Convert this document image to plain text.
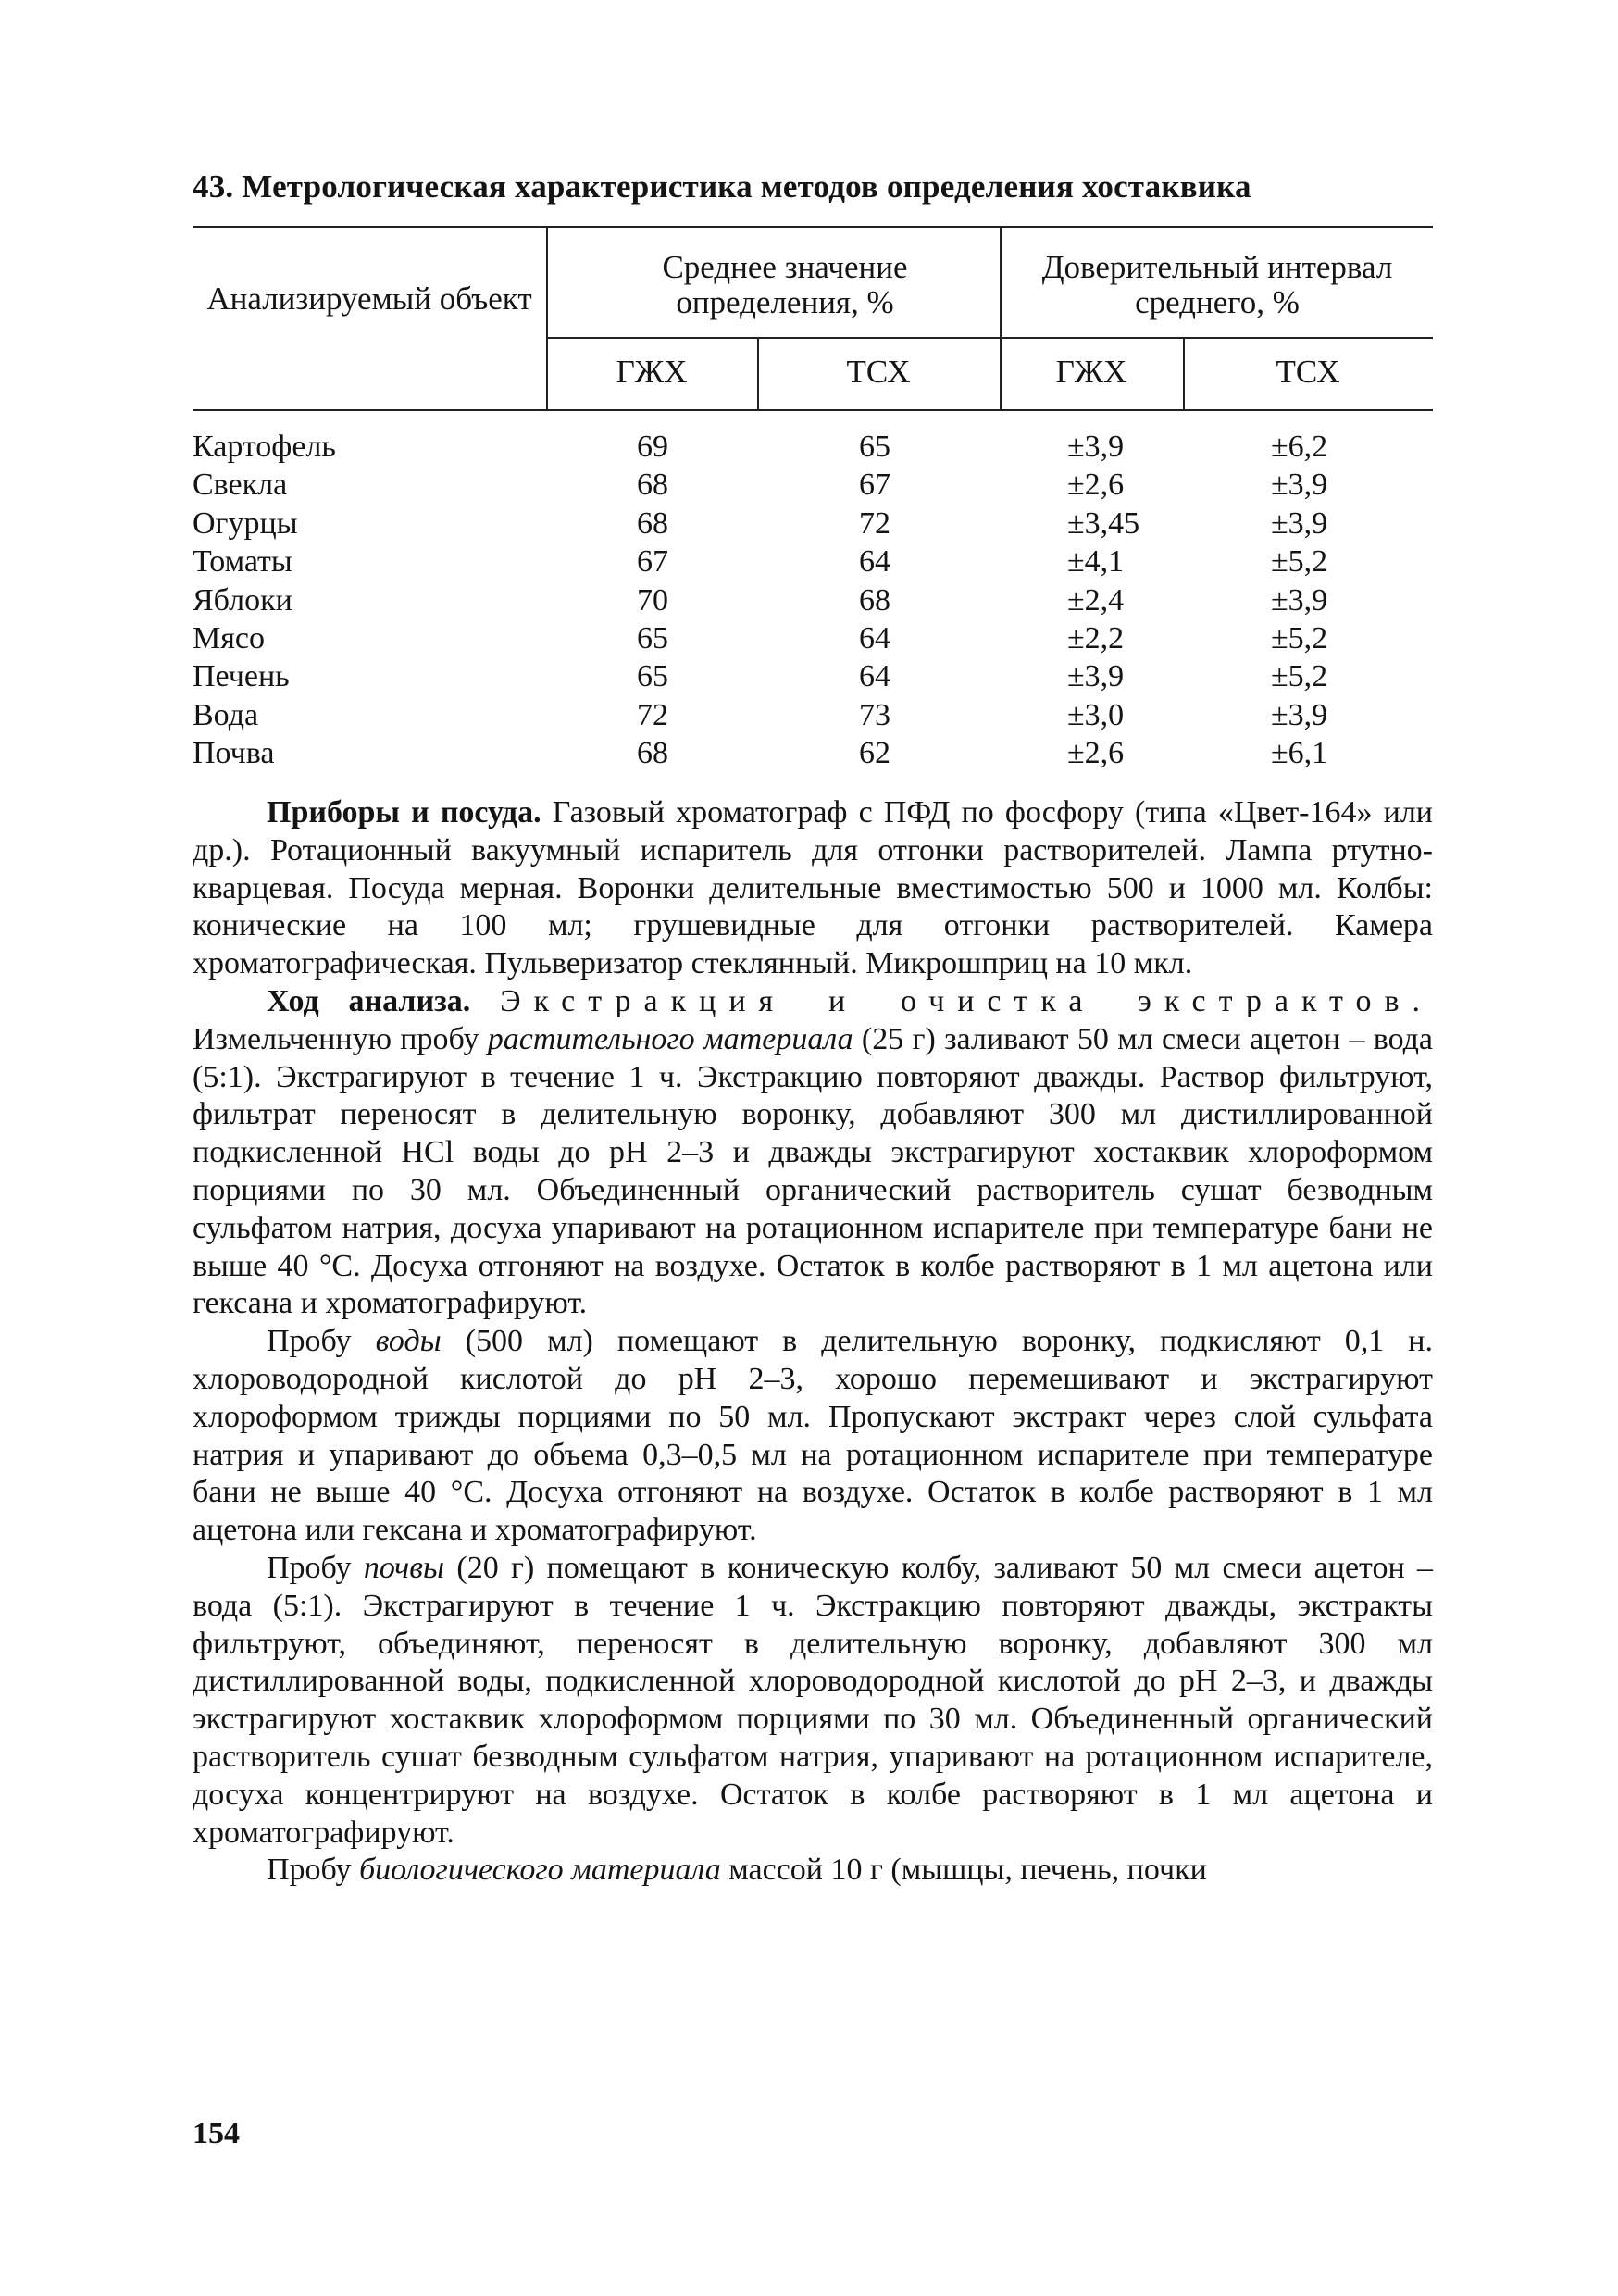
43. Метрологическая характеристика методов определения хостаквика
Анализируемый объект
Среднее значение определения, %
Доверительный интервал среднего, %
ГЖХ	ТСХ	ГЖХ	ТСХ
Картофель	69	65	±3,9	±6,2
Свекла	68	67	±2,6	±3,9
Огурцы	68	72	±3,45	±3,9
Томаты	67	64	±4,1	±5,2
Яблоки	70	68	±2,4	±3,9
Мясо	65	64	±2,2	±5,2
Печень	65	64	±3,9	±5,2
Вода	72	73	±3,0	±3,9
Почва	68	62	±2,6	±6,1

Приборы и посуда. Газовый хроматограф с ПФД по фосфору (типа «Цвет-164» или др.). Ротационный вакуумный испаритель для отгонки растворителей. Лампа ртутно-кварцевая. Посуда мерная. Воронки делительные вместимостью 500 и 1000 мл. Колбы: конические на 100 мл; грушевидные для отгонки растворителей. Камера хроматографическая. Пульверизатор стеклянный. Микрошприц на 10 мкл.

Ход анализа. Экстракция и очистка экстрактов. Измельченную пробу растительного материала (25 г) заливают 50 мл смеси ацетон – вода (5:1). Экстрагируют в течение 1 ч. Экстракцию повторяют дважды. Раствор фильтруют, фильтрат переносят в делительную воронку, добавляют 300 мл дистиллированной подкисленной HCl воды до pH 2–3 и дважды экстрагируют хостаквик хлороформом порциями по 30 мл. Объединенный органический растворитель сушат безводным сульфатом натрия, досуха упаривают на ротационном испарителе при температуре бани не выше 40 °С. Досуха отгоняют на воздухе. Остаток в колбе растворяют в 1 мл ацетона или гексана и хроматографируют.

Пробу воды (500 мл) помещают в делительную воронку, подкисляют 0,1 н. хлороводородной кислотой до pH 2–3, хорошо перемешивают и экстрагируют хлороформом трижды порциями по 50 мл. Пропускают экстракт через слой сульфата натрия и упаривают до объема 0,3–0,5 мл на ротационном испарителе при температуре бани не выше 40 °С. Досуха отгоняют на воздухе. Остаток в колбе растворяют в 1 мл ацетона или гексана и хроматографируют.

Пробу почвы (20 г) помещают в коническую колбу, заливают 50 мл смеси ацетон – вода (5:1). Экстрагируют в течение 1 ч. Экстракцию повторяют дважды, экстракты фильтруют, объединяют, переносят в делительную воронку, добавляют 300 мл дистиллированной воды, подкисленной хлороводородной кислотой до pH 2–3, и дважды экстрагируют хостаквик хлороформом порциями по 30 мл. Объединенный органический растворитель сушат безводным сульфатом натрия, упаривают на ротационном испарителе, досуха концентрируют на воздухе. Остаток в колбе растворяют в 1 мл ацетона и хроматографируют.

Пробу биологического материала массой 10 г (мышцы, печень, почки

154
